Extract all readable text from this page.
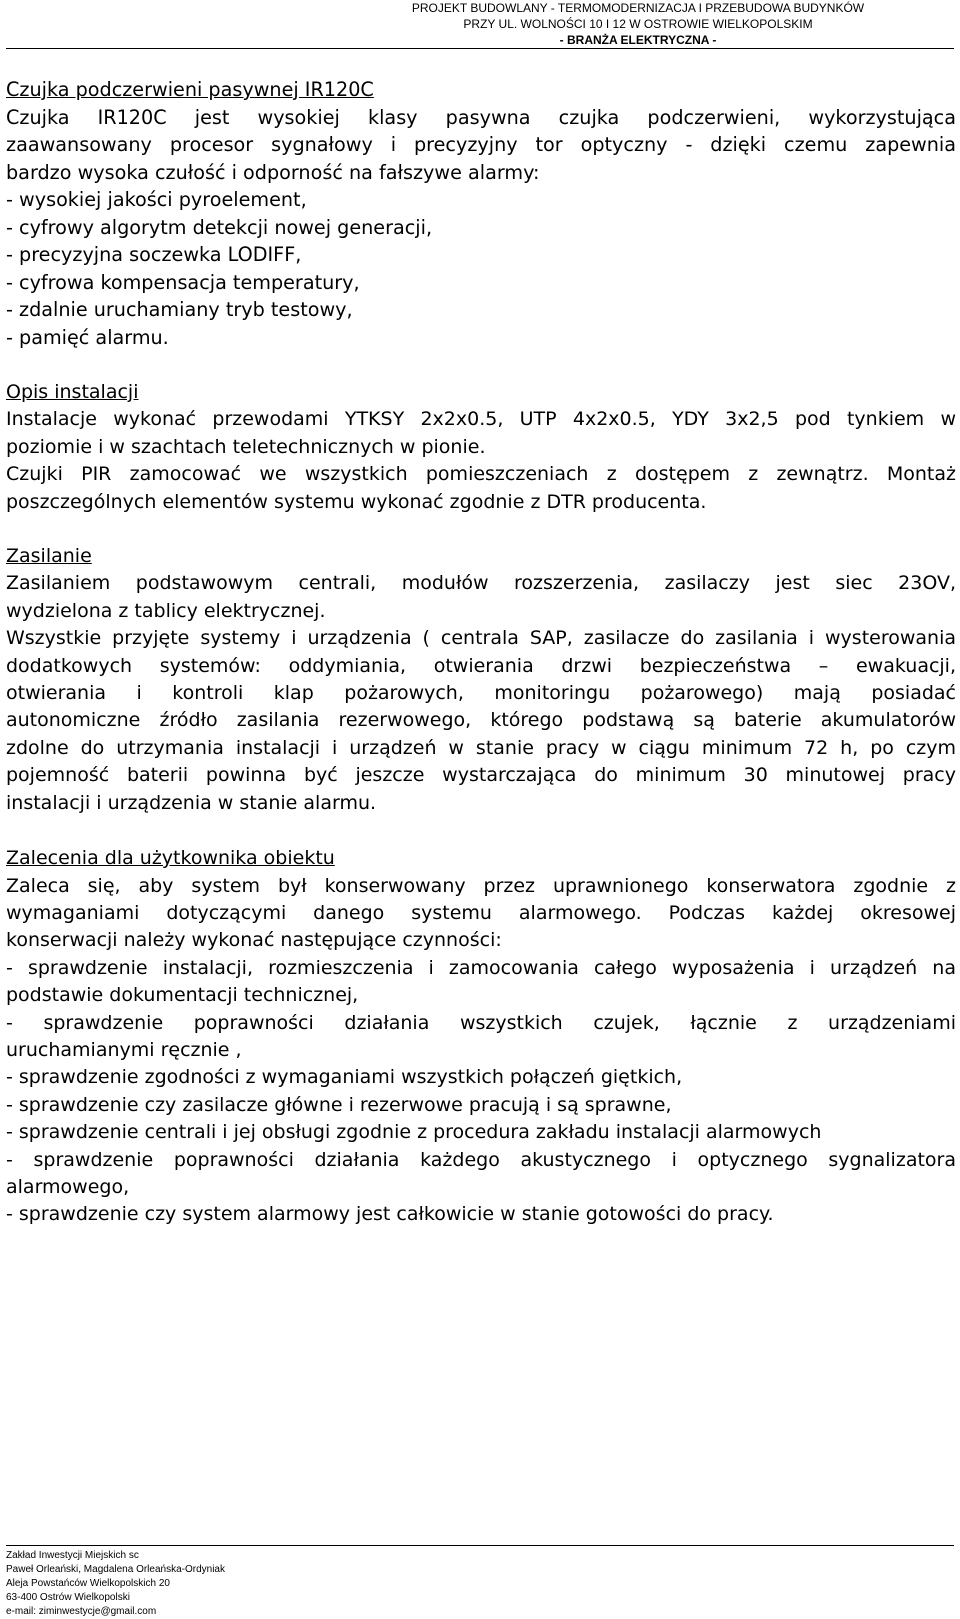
PROJEKT BUDOWLANY - TERMOMODERNIZACJA I PRZEBUDOWA BUDYNKÓW
PRZY UL. WOLNOŚCI 10 I 12 W OSTROWIE WIELKOPOLSKIM
- BRANŻA ELEKTRYCZNA -

Czujka podczerwieni pasywnej IR120C

Czujka IR120C jest wysokiej klasy pasywna czujka podczerwieni, wykorzystująca

zaawansowany procesor sygnałowy i precyzyjny tor optyczny - dzięki czemu zapewnia

bardzo wysoka czułość i odporność na fałszywe alarmy:

- wysokiej jakości pyroelement,

- cyfrowy algorytm detekcji nowej generacji,

- precyzyjna soczewka LODIFF,

- cyfrowa kompensacja temperatury,

- zdalnie uruchamiany tryb testowy,

- pamięć alarmu.

Opis instalacji

Instalacje wykonać przewodami YTKSY 2x2x0.5, UTP 4x2x0.5, YDY 3x2,5 pod tynkiem w

poziomie i w szachtach teletechnicznych w pionie.

Czujki PIR zamocować we wszystkich pomieszczeniach z dostępem z zewnątrz. Montaż

poszczególnych elementów systemu wykonać zgodnie z DTR producenta.

Zasilanie

Zasilaniem podstawowym centrali, modułów rozszerzenia, zasilaczy jest siec 23OV,

wydzielona z tablicy elektrycznej.

Wszystkie przyjęte systemy i urządzenia ( centrala SAP, zasilacze do zasilania i wysterowania

dodatkowych systemów: oddymiania, otwierania drzwi bezpieczeństwa – ewakuacji,

otwierania i kontroli klap pożarowych, monitoringu pożarowego) mają posiadać

autonomiczne źródło zasilania rezerwowego, którego podstawą są baterie akumulatorów

zdolne do utrzymania instalacji i urządzeń w stanie pracy w ciągu minimum 72 h, po czym

pojemność baterii powinna być jeszcze wystarczająca do minimum 30 minutowej pracy

instalacji i urządzenia w stanie alarmu.

Zalecenia dla użytkownika obiektu

Zaleca się, aby system był konserwowany przez uprawnionego konserwatora zgodnie z

wymaganiami dotyczącymi danego systemu alarmowego. Podczas każdej okresowej

konserwacji należy wykonać następujące czynności:

- sprawdzenie instalacji, rozmieszczenia i zamocowania całego wyposażenia i urządzeń na

podstawie dokumentacji technicznej,

- sprawdzenie poprawności działania wszystkich czujek, łącznie z urządzeniami

uruchamianymi ręcznie ,

- sprawdzenie zgodności z wymaganiami wszystkich połączeń giętkich,

- sprawdzenie czy zasilacze główne i rezerwowe pracują i są sprawne,

- sprawdzenie centrali i jej obsługi zgodnie z procedura zakładu instalacji alarmowych

- sprawdzenie poprawności działania każdego akustycznego i optycznego sygnalizatora

alarmowego,

- sprawdzenie czy system alarmowy jest całkowicie w stanie gotowości do pracy.

Zakład Inwestycji Miejskich sc
Paweł Orleański, Magdalena Orleańska-Ordyniak
Aleja Powstańców Wielkopolskich 20
63-400 Ostrów Wielkopolski
e-mail: ziminwestycje@gmail.com
